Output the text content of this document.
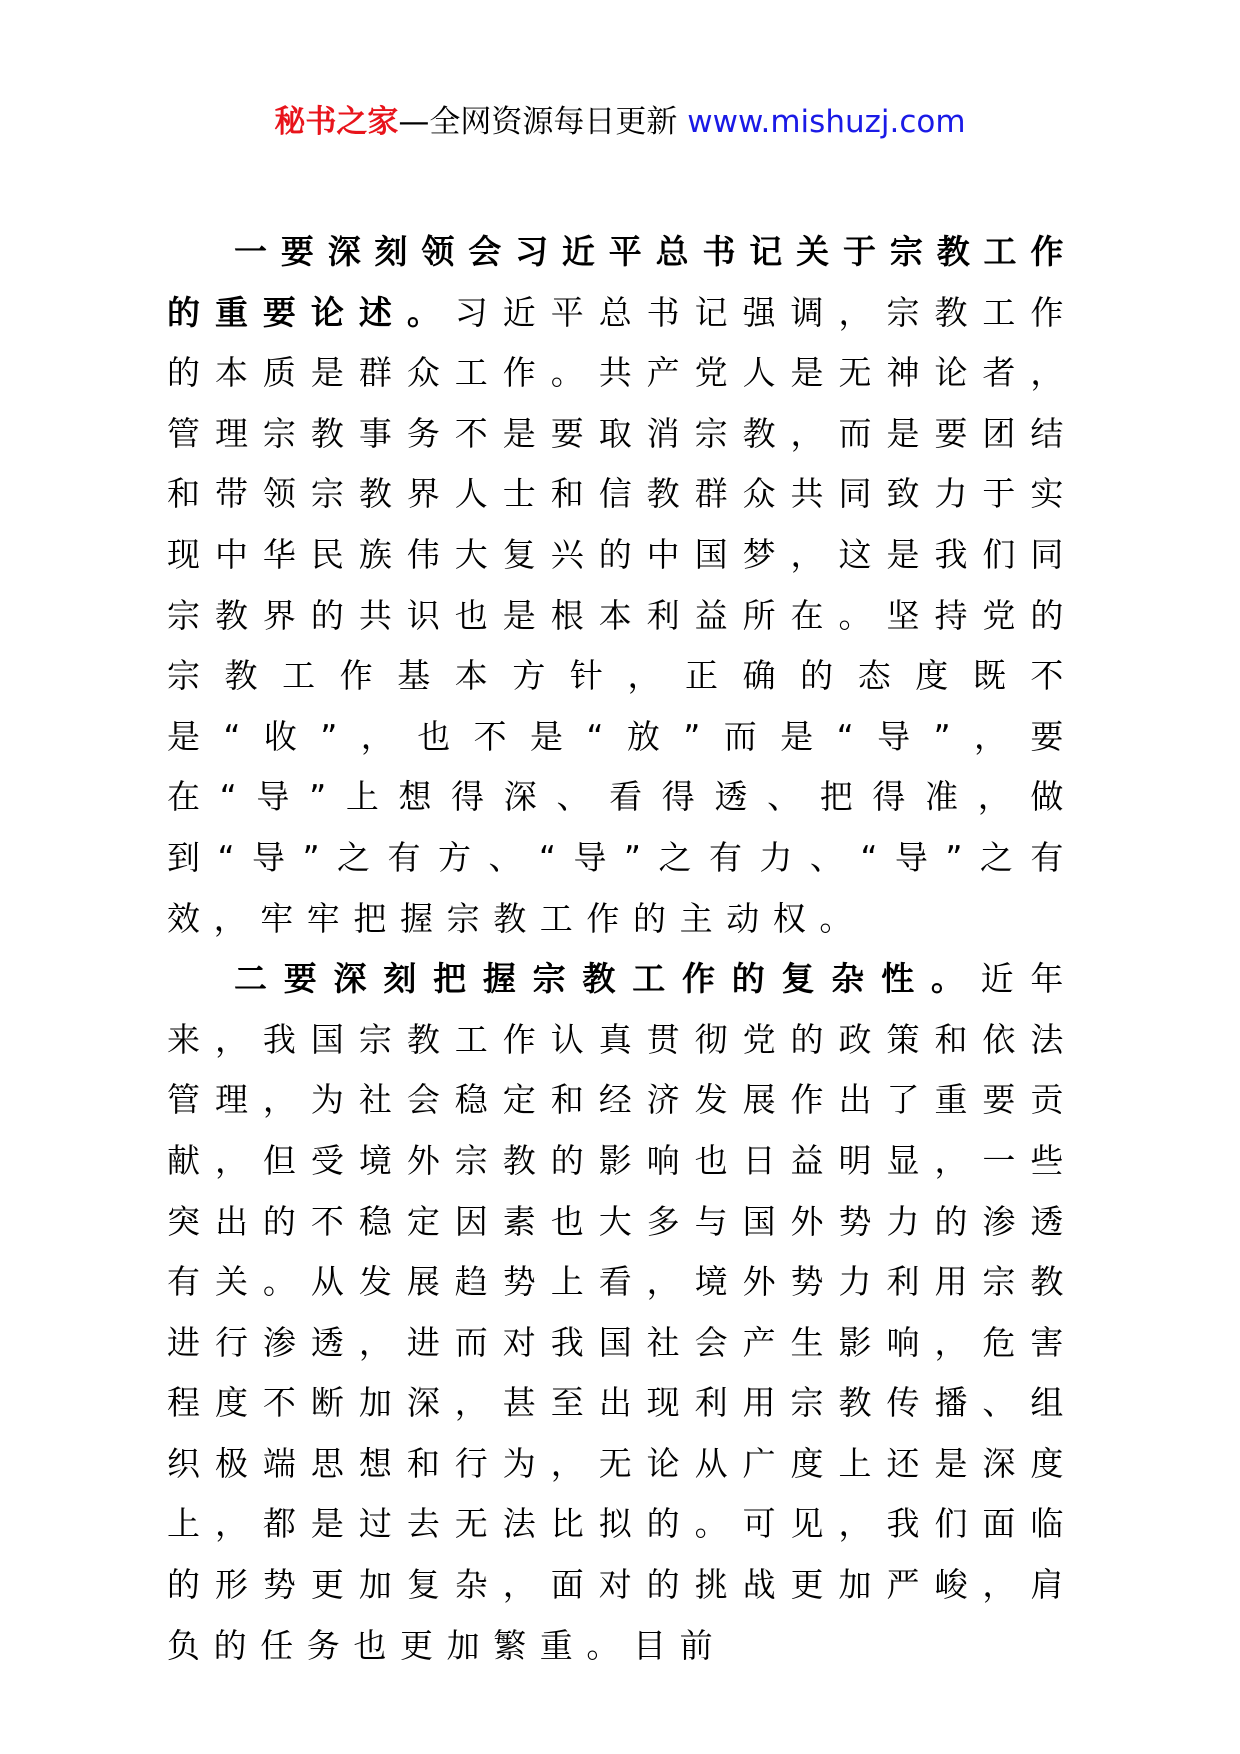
秘书之家—全网资源每日更新 www.mishuzj.com

一要深刻领会习近平总书记关于宗教工作的重要论述。习近平总书记强调，宗教工作的本质是群众工作。共产党人是无神论者，管理宗教事务不是要取消宗教，而是要团结和带领宗教界人士和信教群众共同致力于实现中华民族伟大复兴的中国梦，这是我们同宗教界的共识也是根本利益所在。坚持党的宗教工作基本方针，正确的态度既不是“收”，也不是“放”而是“导”，要在“导”上想得深、看得透、把得准，做到“导”之有方、“导”之有力、“导”之有效，牢牢把握宗教工作的主动权。

二要深刻把握宗教工作的复杂性。近年来，我国宗教工作认真贯彻党的政策和依法管理，为社会稳定和经济发展作出了重要贡献，但受境外宗教的影响也日益明显，一些突出的不稳定因素也大多与国外势力的渗透有关。从发展趋势上看，境外势力利用宗教进行渗透，进而对我国社会产生影响，危害程度不断加深，甚至出现利用宗教传播、组织极端思想和行为，无论从广度上还是深度上，都是过去无法比拟的。可见，我们面临的形势更加复杂，面对的挑战更加严峻，肩负的任务也更加繁重。目前
